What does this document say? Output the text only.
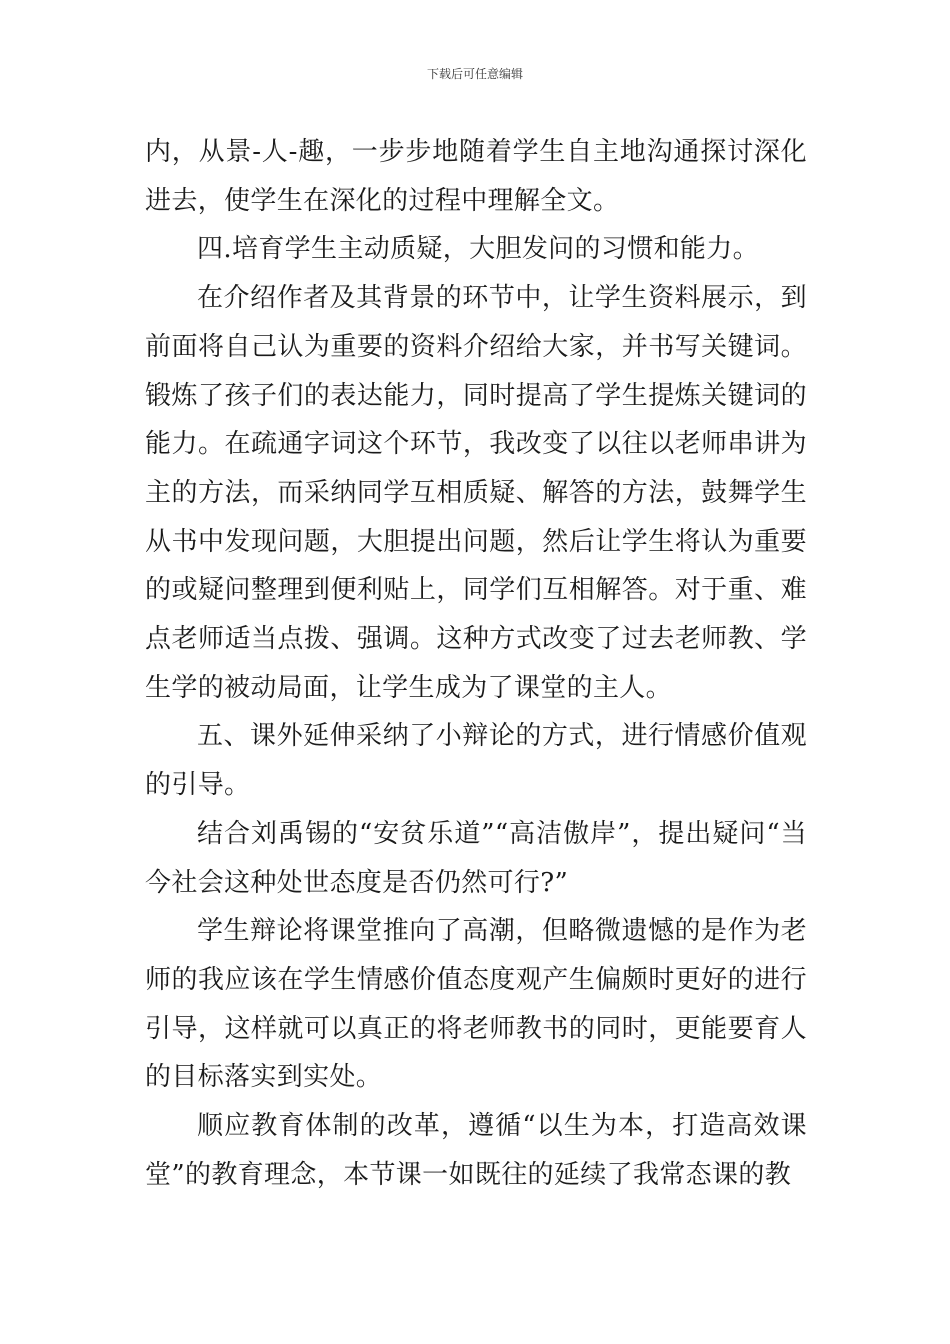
下载后可任意编辑

内，从景-人-趣，一步步地随着学生自主地沟通探讨深化进去，使学生在深化的过程中理解全文。

四.培育学生主动质疑，大胆发问的习惯和能力。

在介绍作者及其背景的环节中，让学生资料展示，到前面将自己认为重要的资料介绍给大家，并书写关键词。锻炼了孩子们的表达能力，同时提高了学生提炼关键词的能力。在疏通字词这个环节，我改变了以往以老师串讲为主的方法，而采纳同学互相质疑、解答的方法，鼓舞学生从书中发现问题，大胆提出问题，然后让学生将认为重要的或疑问整理到便利贴上，同学们互相解答。对于重、难点老师适当点拨、强调。这种方式改变了过去老师教、学生学的被动局面，让学生成为了课堂的主人。

五、课外延伸采纳了小辩论的方式，进行情感价值观的引导。

结合刘禹锡的“安贫乐道”“高洁傲岸”，提出疑问“当今社会这种处世态度是否仍然可行?”

学生辩论将课堂推向了高潮，但略微遗憾的是作为老师的我应该在学生情感价值态度观产生偏颇时更好的进行引导，这样就可以真正的将老师教书的同时，更能要育人的目标落实到实处。

顺应教育体制的改革，遵循“以生为本，打造高效课堂”的教育理念，本节课一如既往的延续了我常态课的教
